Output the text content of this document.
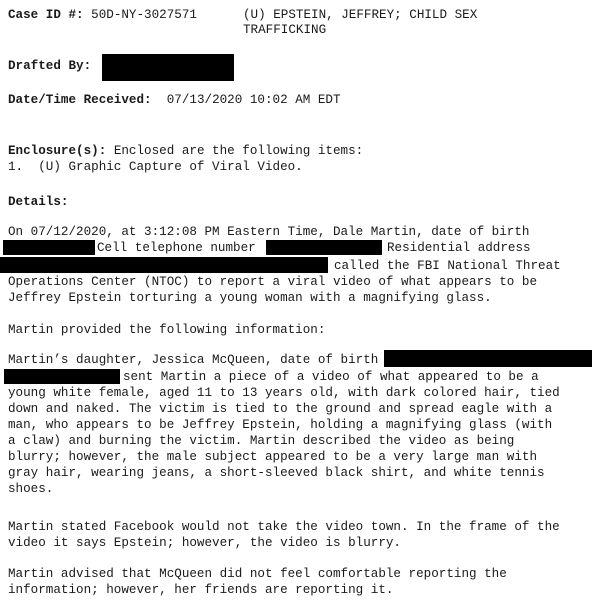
Case ID #: 50D-NY-3027571	(U) EPSTEIN, JEFFREY; CHILD SEX
TRAFFICKING
Drafted By:
Date/Time Received: 07/13/2020 10:02 AM EDT
Enclosure(s): Enclosed are the following items:
1.  (U) Graphic Capture of Viral Video.
Details:
On 07/12/2020, at 3:12:08 PM Eastern Time, Dale Martin, date of birth
Cell telephone number	Residential address
called the FBI National Threat
Operations Center (NTOC) to report a viral video of what appears to be
Jeffrey Epstein torturing a young woman with a magnifying glass.
Martin provided the following information:
Martin’s daughter, Jessica McQueen, date of birth
sent Martin a piece of a video of what appeared to be a
young white female, aged 11 to 13 years old, with dark colored hair, tied
down and naked. The victim is tied to the ground and spread eagle with a
man, who appears to be Jeffrey Epstein, holding a magnifying glass (with
a claw) and burning the victim. Martin described the video as being
blurry; however, the male subject appeared to be a very large man with
gray hair, wearing jeans, a short-sleeved black shirt, and white tennis
shoes.
Martin stated Facebook would not take the video town. In the frame of the
video it says Epstein; however, the video is blurry.
Martin advised that McQueen did not feel comfortable reporting the
information; however, her friends are reporting it.
